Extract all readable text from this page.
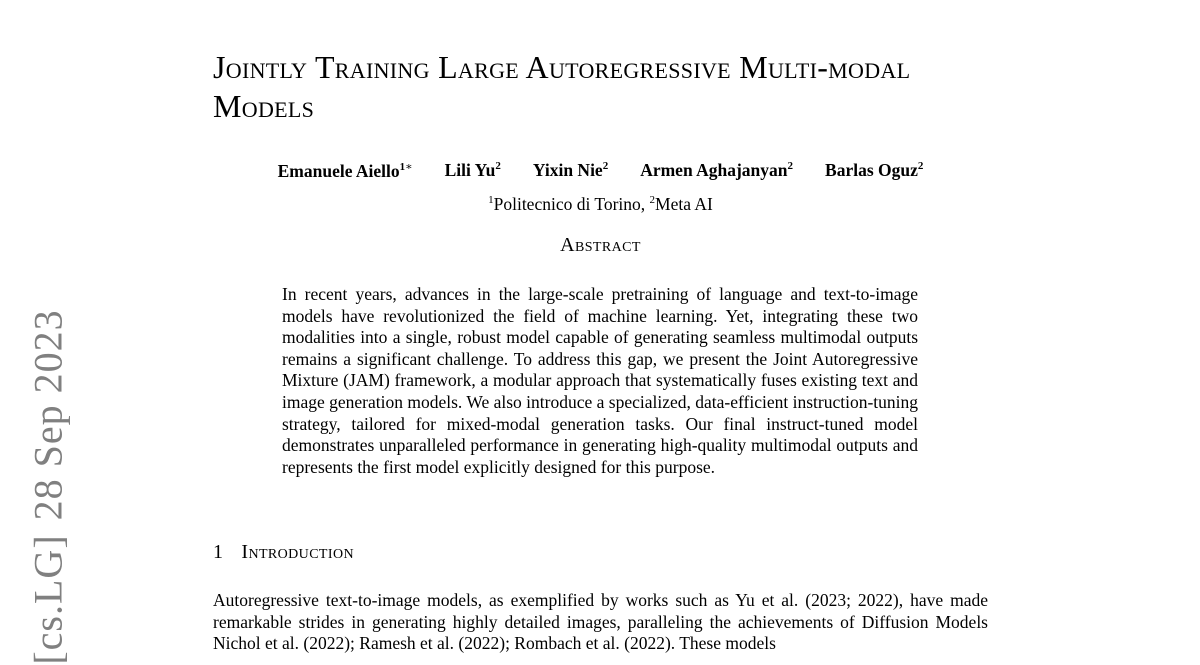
[cs.LG]28 Sep 2023
Jointly Training Large Autoregressive Multi-modal Models
Emanuele Aiello$^{1∗}$ Lili Yu$^2$ Yixin Nie$^2$ Armen Aghajanyan$^2$ Barlas Oguz$^2$
$^1$Politecnico di Torino, $^2$Meta AI
Abstract

In recent years, advances in the large-scale pretraining of language and text-to-image models have revolutionized the field of machine learning. Yet, integrating these two modalities into a single, robust model capable of generating seamless multimodal outputs remains a significant challenge. To address this gap, we present the Joint Autoregressive Mixture (JAM) framework, a modular approach that systematically fuses existing text and image generation models. We also introduce a specialized, data-efficient instruction-tuning strategy, tailored for mixed-modal generation tasks. Our final instruct-tuned model demonstrates unparalleled performance in generating high-quality multimodal outputs and represents the first model explicitly designed for this purpose.

1 Introduction

Autoregressive text-to-image models, as exemplified by works such as Yu et al. (2023; 2022), have made remarkable strides in generating highly detailed images, paralleling the achievements of Diffusion Models Nichol et al. (2022); Ramesh et al. (2022); Rombach et al. (2022). These models
